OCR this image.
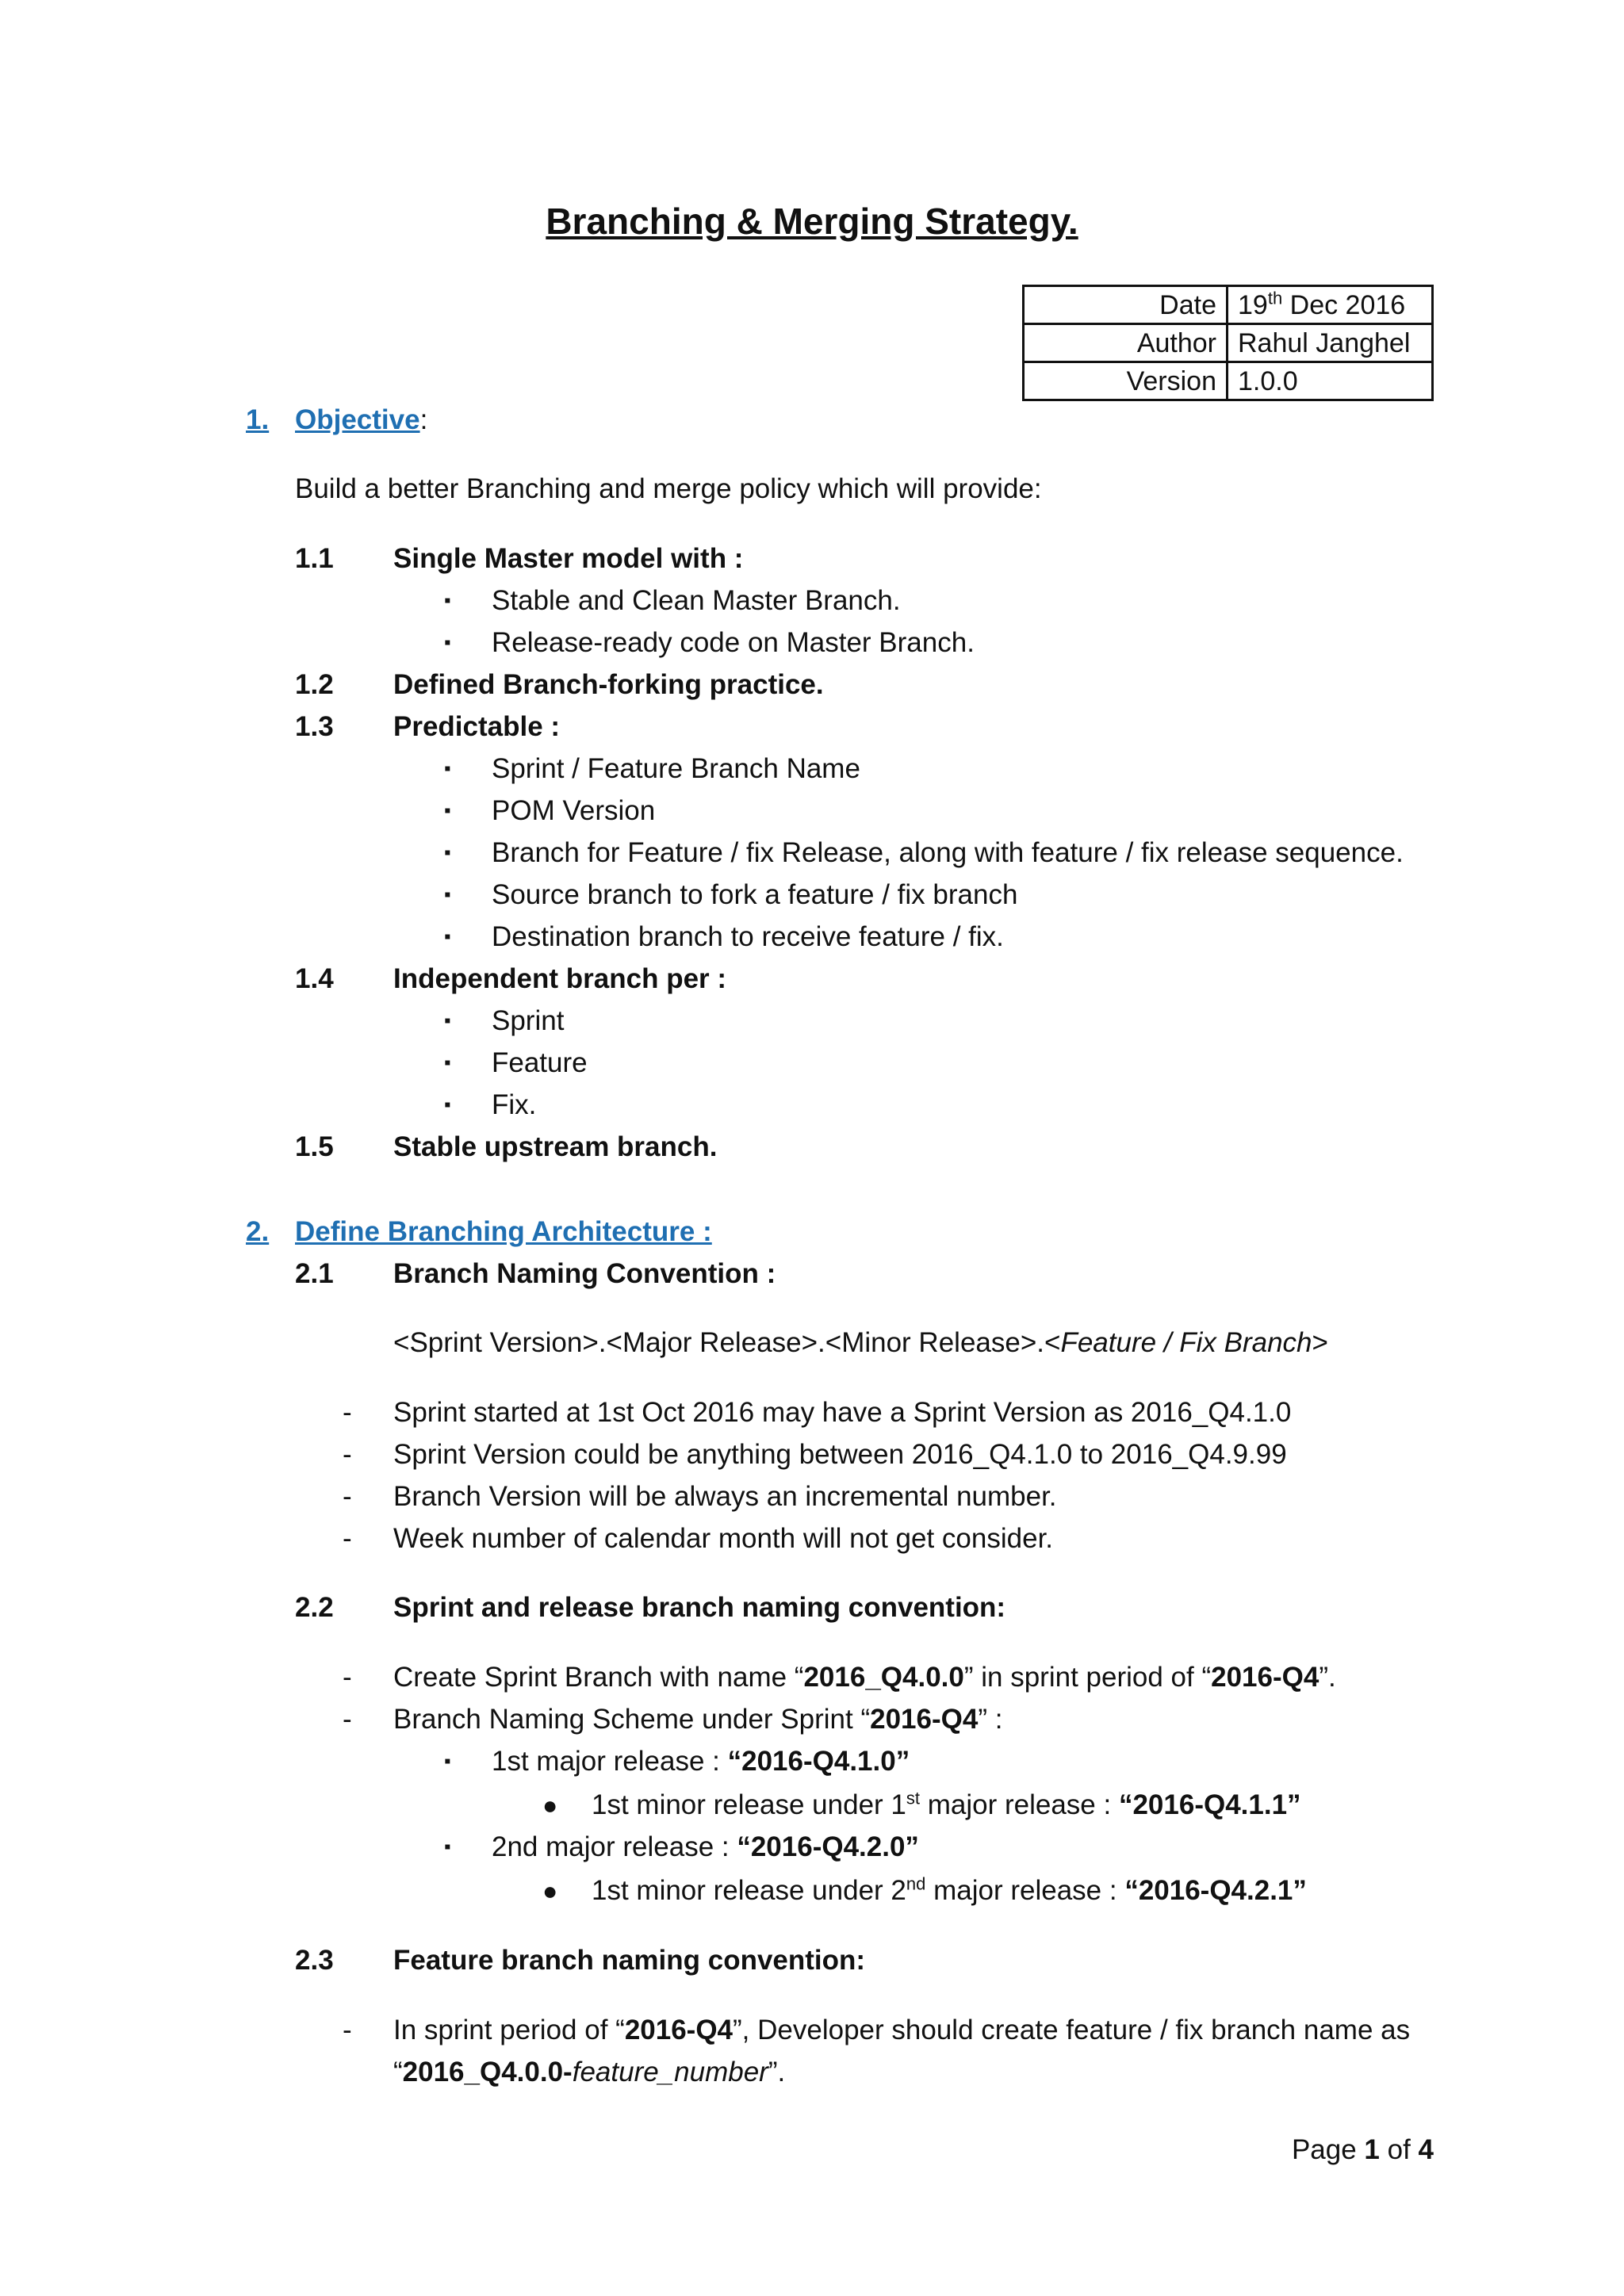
Branching & Merging Strategy.
Date	19th Dec 2016
Author	Rahul Janghel
Version	1.0.0
1. Objective:
Build a better Branching and merge policy which will provide:
1.1 Single Master model with :
▪ Stable and Clean Master Branch.
▪ Release-ready code on Master Branch.
1.2 Defined Branch-forking practice.
1.3 Predictable :
▪ Sprint / Feature Branch Name
▪ POM Version
▪ Branch for Feature / fix Release, along with feature / fix release sequence.
▪ Source branch to fork a feature / fix branch
▪ Destination branch to receive feature / fix.
1.4 Independent branch per :
▪ Sprint
▪ Feature
▪ Fix.
1.5 Stable upstream branch.
2. Define Branching Architecture :
2.1 Branch Naming Convention :
<Sprint Version>.<Major Release>.<Minor Release>.<Feature / Fix Branch>
- Sprint started at 1st Oct 2016 may have a Sprint Version as 2016_Q4.1.0
- Sprint Version could be anything between 2016_Q4.1.0 to 2016_Q4.9.99
- Branch Version will be always an incremental number.
- Week number of calendar month will not get consider.
2.2 Sprint and release branch naming convention:
- Create Sprint Branch with name “2016_Q4.0.0” in sprint period of “2016-Q4”.
- Branch Naming Scheme under Sprint “2016-Q4” :
▪ 1st major release : “2016-Q4.1.0”
● 1st minor release under 1st major release : “2016-Q4.1.1”
▪ 2nd major release : “2016-Q4.2.0”
● 1st minor release under 2nd major release : “2016-Q4.2.1”
2.3 Feature branch naming convention:
- In sprint period of “2016-Q4”, Developer should create feature / fix branch name as
“2016_Q4.0.0-feature_number”.
Page 1 of 4
